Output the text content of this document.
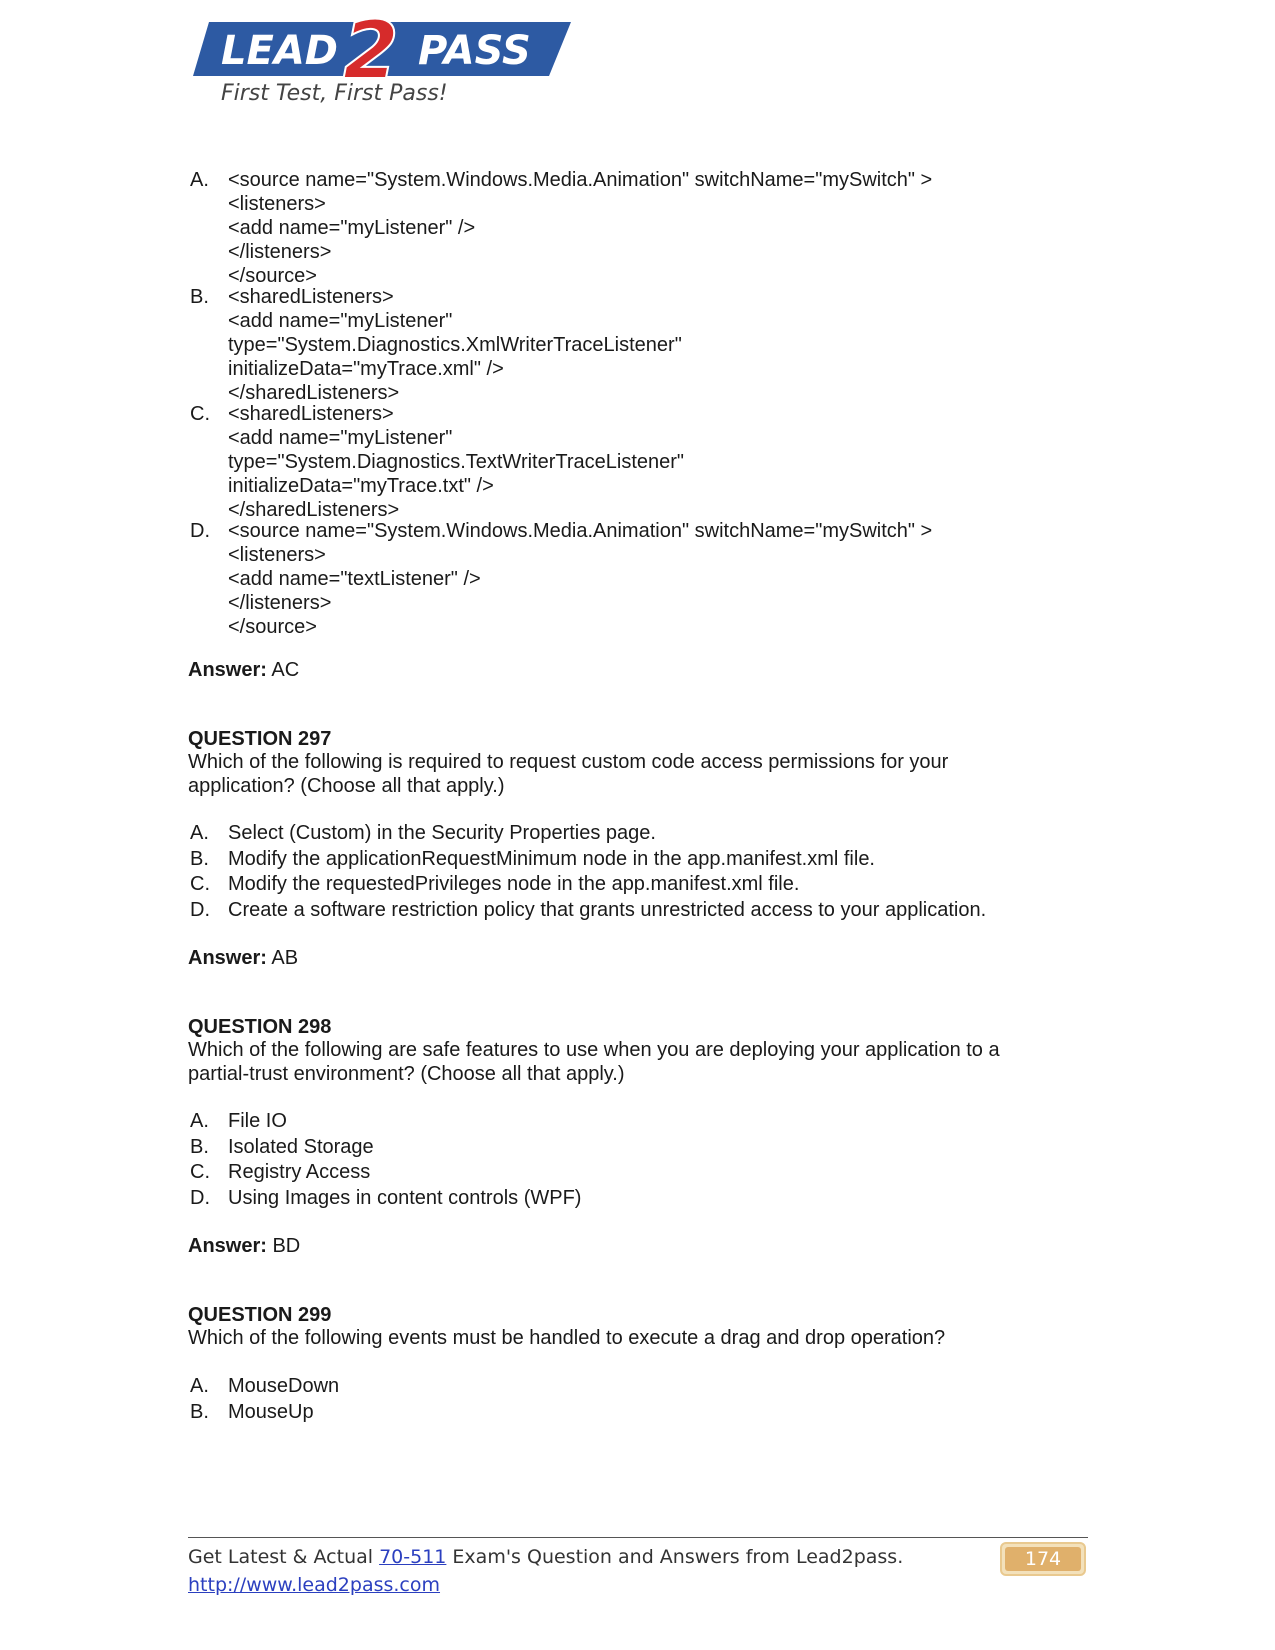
LEAD 2 PASS
First Test, First Pass!
A. <source name="System.Windows.Media.Animation" switchName="mySwitch" >
<listeners>
<add name="myListener" />
</listeners>
</source>
B. <sharedListeners>
<add name="myListener"
type="System.Diagnostics.XmlWriterTraceListener"
initializeData="myTrace.xml" />
</sharedListeners>
C. <sharedListeners>
<add name="myListener"
type="System.Diagnostics.TextWriterTraceListener"
initializeData="myTrace.txt" />
</sharedListeners>
D. <source name="System.Windows.Media.Animation" switchName="mySwitch" >
<listeners>
<add name="textListener" />
</listeners>
</source>
Answer: AC
QUESTION 297
Which of the following is required to request custom code access permissions for your
application? (Choose all that apply.)
A. Select (Custom) in the Security Properties page.
B. Modify the applicationRequestMinimum node in the app.manifest.xml file.
C. Modify the requestedPrivileges node in the app.manifest.xml file.
D. Create a software restriction policy that grants unrestricted access to your application.
Answer: AB
QUESTION 298
Which of the following are safe features to use when you are deploying your application to a
partial-trust environment? (Choose all that apply.)
A. File IO
B. Isolated Storage
C. Registry Access
D. Using Images in content controls (WPF)
Answer: BD
QUESTION 299
Which of the following events must be handled to execute a drag and drop operation?
A. MouseDown
B. MouseUp
Get Latest & Actual 70-511 Exam's Question and Answers from Lead2pass.
http://www.lead2pass.com
174
